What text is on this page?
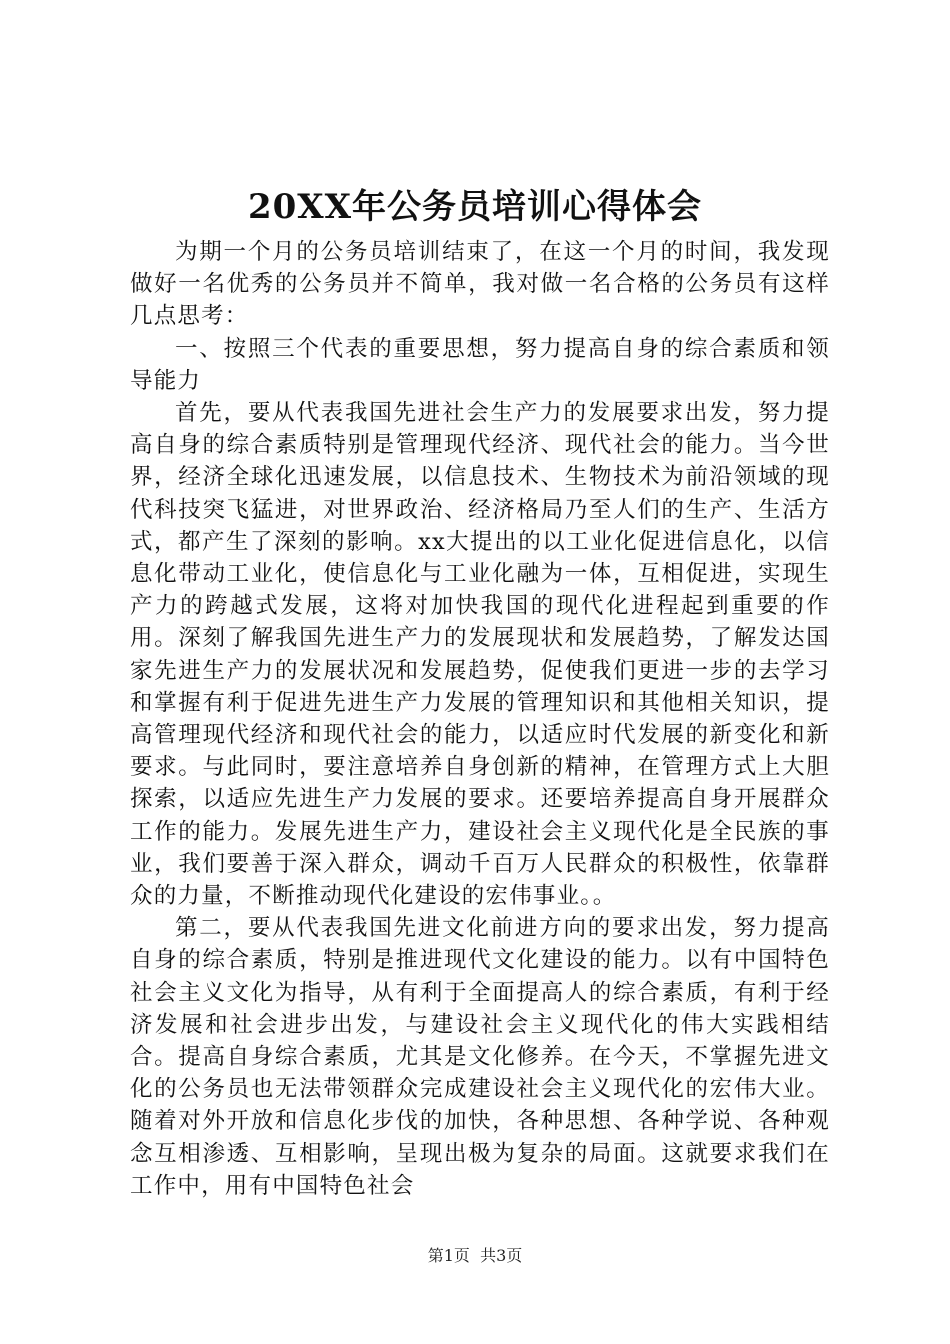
20XX年公务员培训心得体会

为期一个月的公务员培训结束了，在这一个月的时间，我发现做好一名优秀的公务员并不简单，我对做一名合格的公务员有这样几点思考：

一、按照三个代表的重要思想，努力提高自身的综合素质和领导能力

首先，要从代表我国先进社会生产力的发展要求出发，努力提高自身的综合素质特别是管理现代经济、现代社会的能力。当今世界，经济全球化迅速发展，以信息技术、生物技术为前沿领域的现代科技突飞猛进，对世界政治、经济格局乃至人们的生产、生活方式，都产生了深刻的影响。xx大提出的以工业化促进信息化，以信息化带动工业化，使信息化与工业化融为一体，互相促进，实现生产力的跨越式发展，这将对加快我国的现代化进程起到重要的作用。深刻了解我国先进生产力的发展现状和发展趋势，了解发达国家先进生产力的发展状况和发展趋势，促使我们更进一步的去学习和掌握有利于促进先进生产力发展的管理知识和其他相关知识，提高管理现代经济和现代社会的能力，以适应时代发展的新变化和新要求。与此同时，要注意培养自身创新的精神，在管理方式上大胆探索，以适应先进生产力发展的要求。还要培养提高自身开展群众工作的能力。发展先进生产力，建设社会主义现代化是全民族的事业，我们要善于深入群众，调动千百万人民群众的积极性，依靠群众的力量，不断推动现代化建设的宏伟事业。。

第二，要从代表我国先进文化前进方向的要求出发，努力提高自身的综合素质，特别是推进现代文化建设的能力。以有中国特色社会主义文化为指导，从有利于全面提高人的综合素质，有利于经济发展和社会进步出发，与建设社会主义现代化的伟大实践相结合。提高自身综合素质，尤其是文化修养。在今天，不掌握先进文化的公务员也无法带领群众完成建设社会主义现代化的宏伟大业。随着对外开放和信息化步伐的加快，各种思想、各种学说、各种观念互相渗透、互相影响，呈现出极为复杂的局面。这就要求我们在工作中，用有中国特色社会

第1页 共3页
